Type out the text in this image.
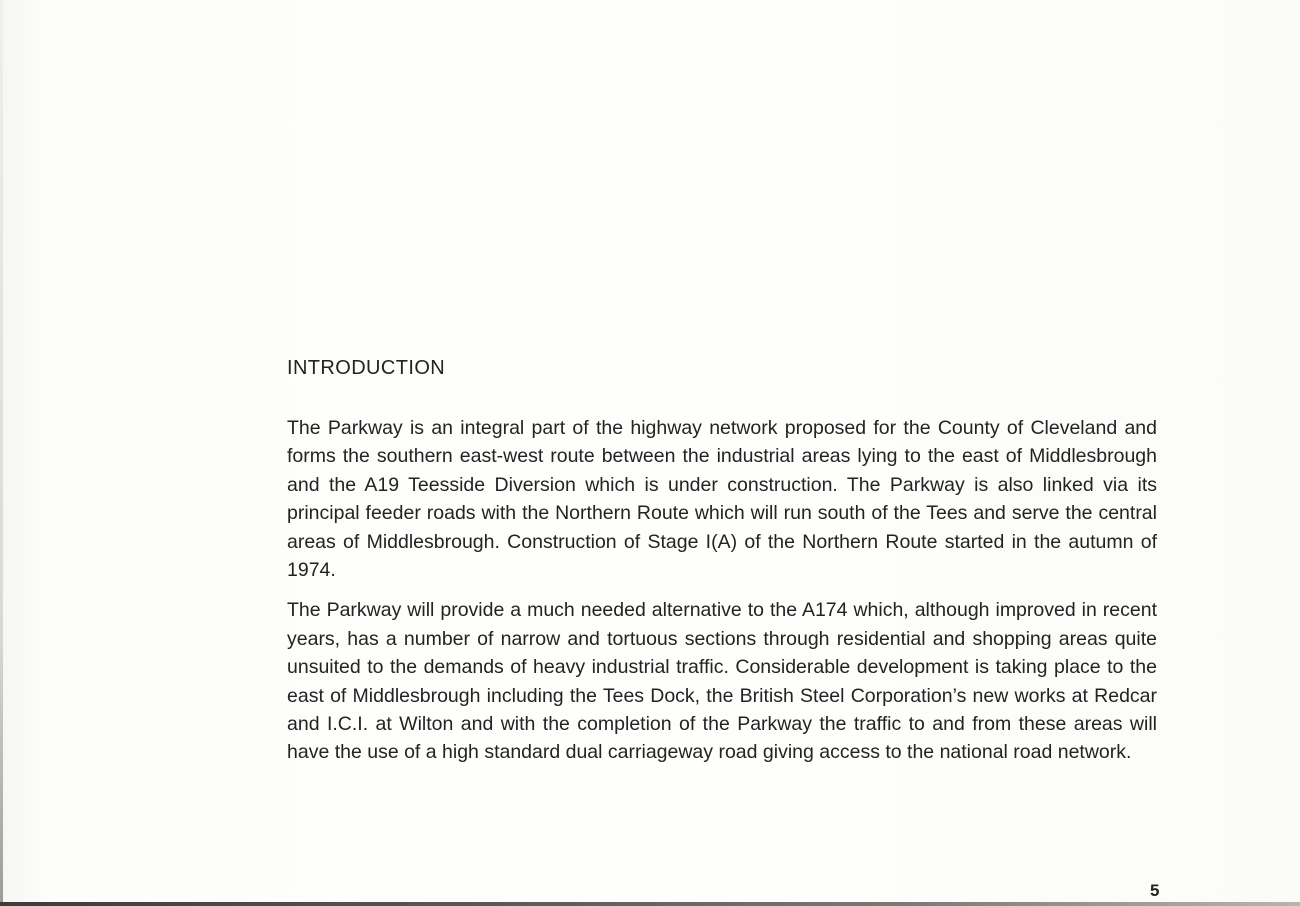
INTRODUCTION

The Parkway is an integral part of the highway network proposed for the County of Cleveland and forms the southern east-west route between the industrial areas lying to the east of Middlesbrough and the A19 Teesside Diversion which is under construction. The Parkway is also linked via its principal feeder roads with the Northern Route which will run south of the Tees and serve the central areas of Middlesbrough. Construction of Stage I(A) of the Northern Route started in the autumn of 1974.

The Parkway will provide a much needed alternative to the A174 which, although improved in recent years, has a number of narrow and tortuous sections through residential and shopping areas quite unsuited to the demands of heavy industrial traffic. Considerable development is taking place to the east of Middlesbrough including the Tees Dock, the British Steel Corporation’s new works at Redcar and I.C.I. at Wilton and with the completion of the Parkway the traffic to and from these areas will have the use of a high standard dual carriageway road giving access to the national road network.

5
